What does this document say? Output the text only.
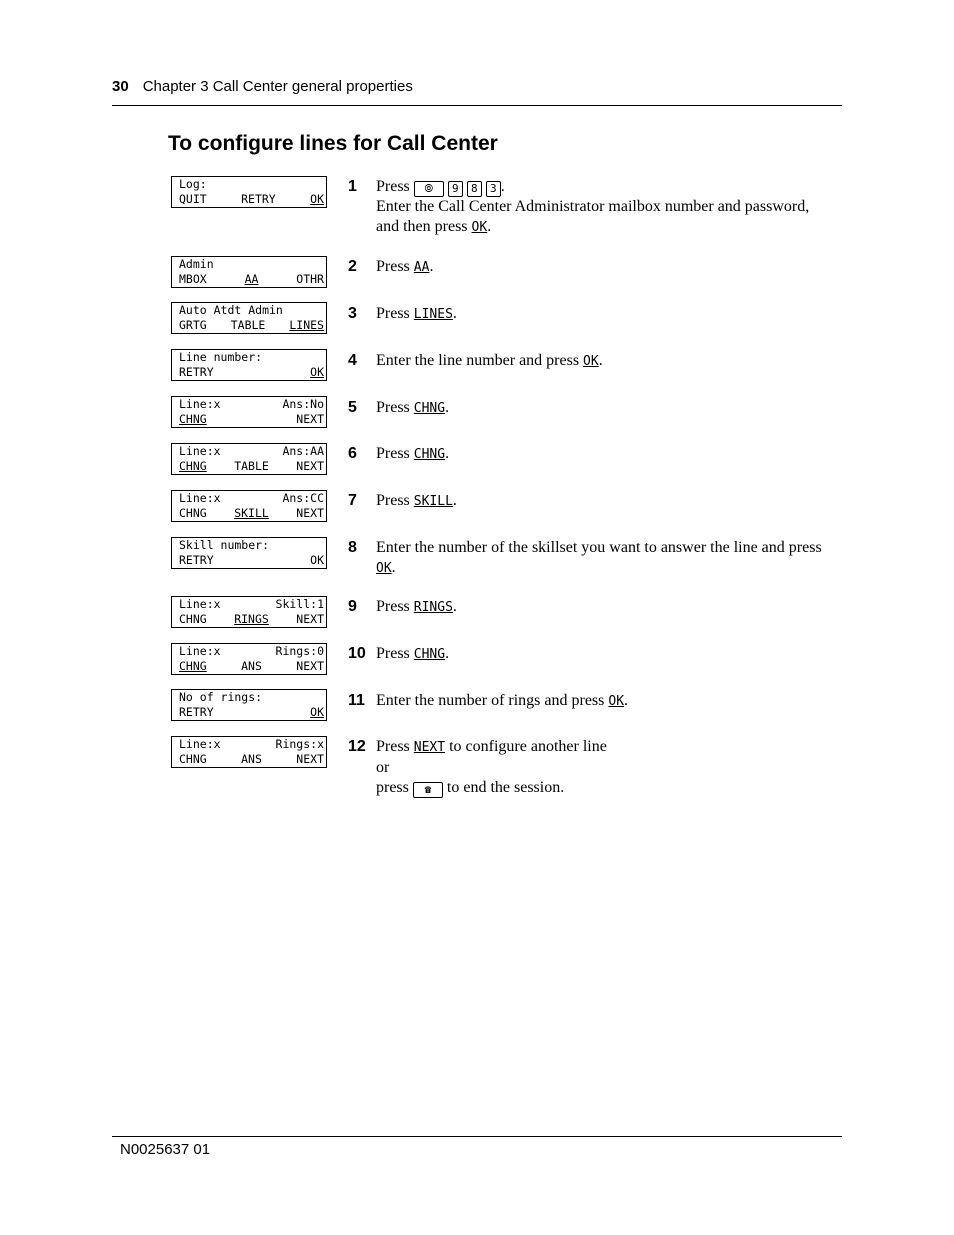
30 Chapter 3 Call Center general properties
To configure lines for Call Center
Log:
QUIT	RETRY	OK
Admin
MBOX	AA	OTHR
Auto Atdt Admin
GRTG TABLE LINES
Line number:
RETRY	OK
Line:x	Ans:No
CHNG	NEXT
Line:x	Ans:AA
CHNG TABLE NEXT
Line:x	Ans:CC
CHNG SKILL NEXT
Skill number:
RETRY	OK
Line:x	Skill:1
CHNG RINGS NEXT
Line:x	Rings:0
CHNG	ANS	NEXT
No of rings:
RETRY	OK
Line:x	Rings:x
CHNG	ANS	NEXT
1 Press ⦾ 9 8 3 .
Enter the Call Center Administrator mailbox number and password, and then press OK.
2 Press AA.
3 Press LINES.
4 Enter the line number and press OK.
5 Press CHNG.
6 Press CHNG.
7 Press SKILL.
8 Enter the number of the skillset you want to answer the line and press OK.
9 Press RINGS.
10 Press CHNG.
11 Enter the number of rings and press OK.
12 Press NEXT to configure another line
or
press ☎ to end the session.
N0025637 01
